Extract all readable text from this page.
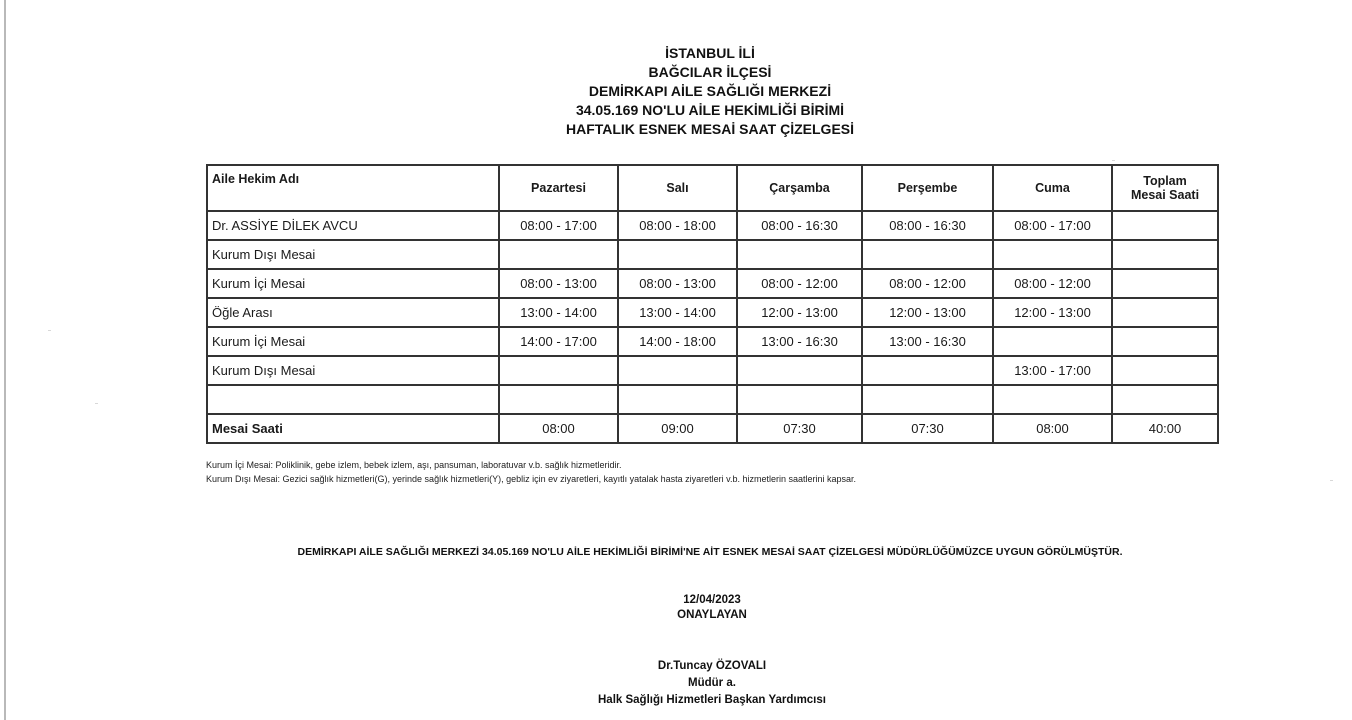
İSTANBUL İLİ
BAĞCILAR İLÇESİ
DEMİRKAPI AİLE SAĞLIĞI MERKEZİ
34.05.169 NO'LU AİLE HEKİMLİĞİ BİRİMİ
HAFTALIK ESNEK MESAİ SAAT ÇİZELGESİ
Aile Hekim Adı	Pazartesi	Salı	Çarşamba	Perşembe	Cuma	Toplam
Mesai Saati

Dr. ASSİYE DİLEK AVCU	08:00 - 17:00	08:00 - 18:00	08:00 - 16:30	08:00 - 16:30	08:00 - 17:00	
Kurum Dışı Mesai						
Kurum İçi Mesai	08:00 - 13:00	08:00 - 13:00	08:00 - 12:00	08:00 - 12:00	08:00 - 12:00	
Öğle Arası	13:00 - 14:00	13:00 - 14:00	12:00 - 13:00	12:00 - 13:00	12:00 - 13:00	
Kurum İçi Mesai	14:00 - 17:00	14:00 - 18:00	13:00 - 16:30	13:00 - 16:30		
Kurum Dışı Mesai					13:00 - 17:00	

Mesai Saati	08:00	09:00	07:30	07:30	08:00	40:00
Kurum İçi Mesai: Poliklinik, gebe izlem, bebek izlem, aşı, pansuman, laboratuvar v.b. sağlık hizmetleridir.
Kurum Dışı Mesai: Gezici sağlık hizmetleri(G), yerinde sağlık hizmetleri(Y), gebliz için ev ziyaretleri, kayıtlı yatalak hasta ziyaretleri v.b. hizmetlerin saatlerini kapsar.
DEMİRKAPI AİLE SAĞLIĞI MERKEZİ 34.05.169 NO'LU AİLE HEKİMLİĞİ BİRİMİ'NE AİT ESNEK MESAİ SAAT ÇİZELGESİ MÜDÜRLÜĞÜMÜZCE UYGUN GÖRÜLMÜŞTÜR.
12/04/2023
ONAYLAYAN
Dr.Tuncay ÖZOVALI
Müdür a.
Halk Sağlığı Hizmetleri Başkan Yardımcısı
